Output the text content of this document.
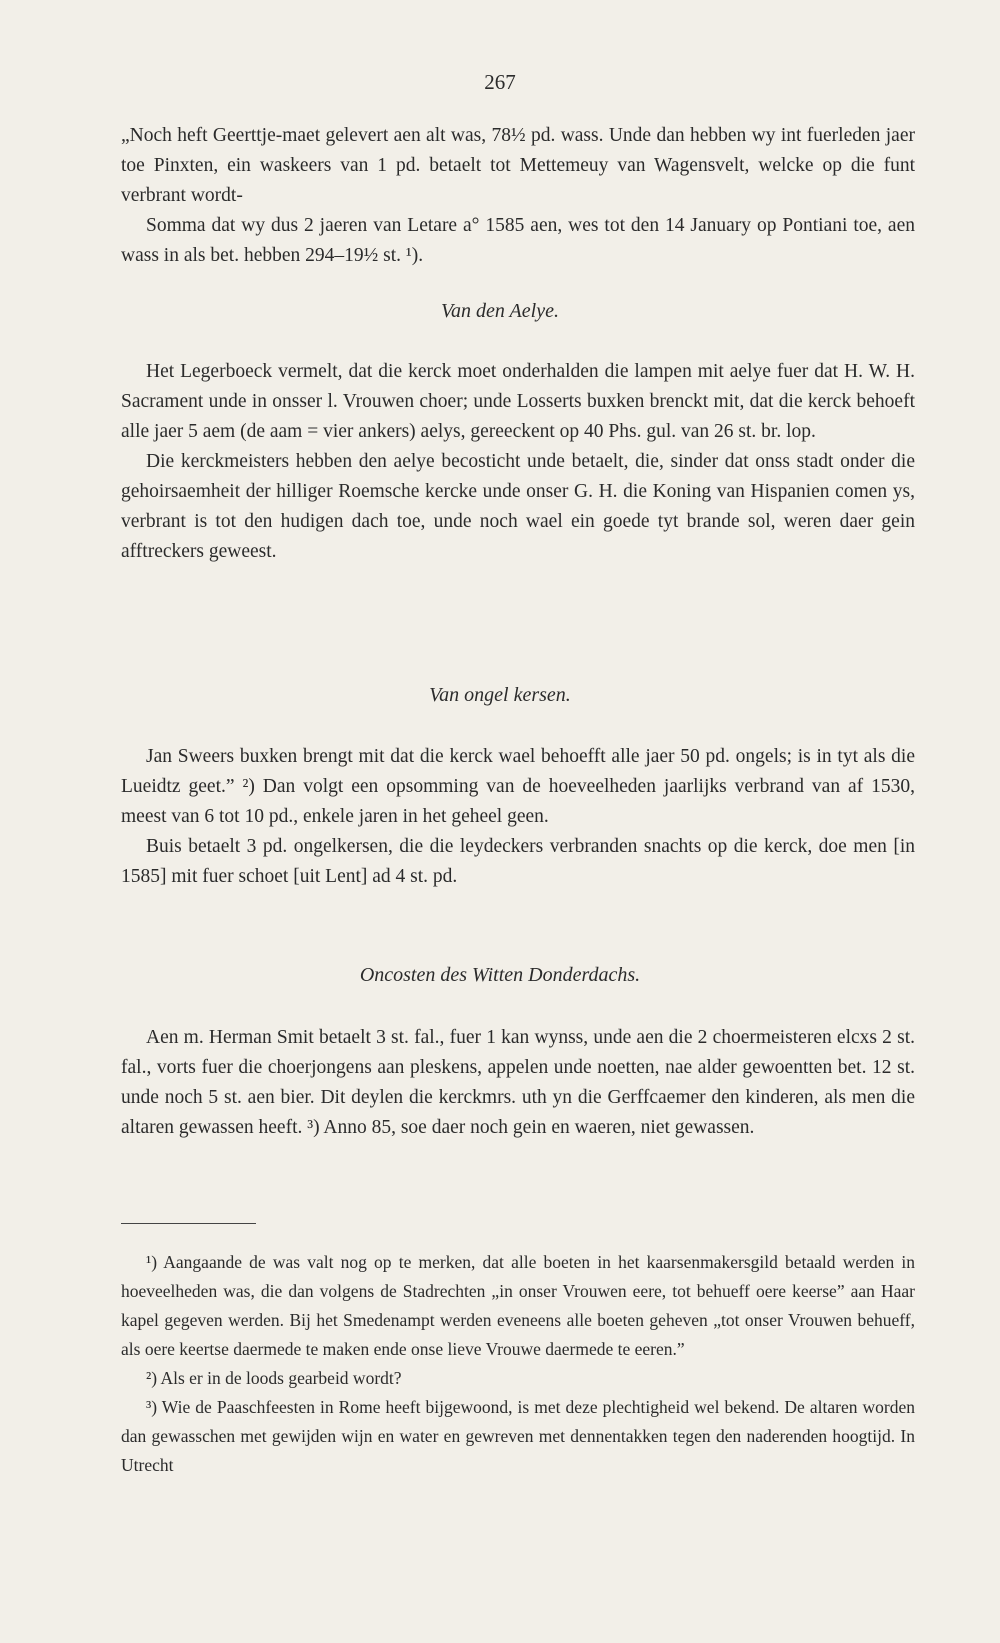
267

„Noch heft Geerttje-maet gelevert aen alt was, 78½ pd. wass. Unde dan hebben wy int fuerleden jaer toe Pinxten, ein waskeers van 1 pd. betaelt tot Mettemeuy van Wagensvelt, welcke op die funt verbrant wordt-

Somma dat wy dus 2 jaeren van Letare a° 1585 aen, wes tot den 14 January op Pontiani toe, aen wass in als bet. hebben 294–19½ st. ¹).

Van den Aelye.

Het Legerboeck vermelt, dat die kerck moet onderhalden die lampen mit aelye fuer dat H. W. H. Sacrament unde in onsser l. Vrouwen choer; unde Losserts buxken brenckt mit, dat die kerck behoeft alle jaer 5 aem (de aam = vier ankers) aelys, gereeckent op 40 Phs. gul. van 26 st. br. lop.

Die kerckmeisters hebben den aelye becosticht unde betaelt, die, sinder dat onss stadt onder die gehoirsaemheit der hilliger Roemsche kercke unde onser G. H. die Koning van Hispanien comen ys, verbrant is tot den hudigen dach toe, unde noch wael ein goede tyt brande sol, weren daer gein afftreckers geweest.

Van ongel kersen.

Jan Sweers buxken brengt mit dat die kerck wael behoefft alle jaer 50 pd. ongels; is in tyt als die Lueidtz geet.” ²) Dan volgt een opsomming van de hoeveelheden jaarlijks verbrand van af 1530, meest van 6 tot 10 pd., enkele jaren in het geheel geen.

Buis betaelt 3 pd. ongelkersen, die die leydeckers verbranden snachts op die kerck, doe men [in 1585] mit fuer schoet [uit Lent] ad 4 st. pd.

Oncosten des Witten Donderdachs.

Aen m. Herman Smit betaelt 3 st. fal., fuer 1 kan wynss, unde aen die 2 choermeisteren elcxs 2 st. fal., vorts fuer die choerjongens aan pleskens, appelen unde noetten, nae alder gewoentten bet. 12 st. unde noch 5 st. aen bier. Dit deylen die kerckmrs. uth yn die Gerffcaemer den kinderen, als men die altaren gewassen heeft. ³) Anno 85, soe daer noch gein en waeren, niet gewassen.

¹) Aangaande de was valt nog op te merken, dat alle boeten in het kaarsenmakersgild betaald werden in hoeveelheden was, die dan volgens de Stadrechten „in onser Vrouwen eere, tot behueff oere keerse” aan Haar kapel gegeven werden. Bij het Smedenampt werden eveneens alle boeten geheven „tot onser Vrouwen behueff, als oere keertse daermede te maken ende onse lieve Vrouwe daermede te eeren.”

²) Als er in de loods gearbeid wordt?

³) Wie de Paaschfeesten in Rome heeft bijgewoond, is met deze plechtigheid wel bekend. De altaren worden dan gewasschen met gewijden wijn en water en gewreven met dennentakken tegen den naderenden hoogtijd. In Utrecht
